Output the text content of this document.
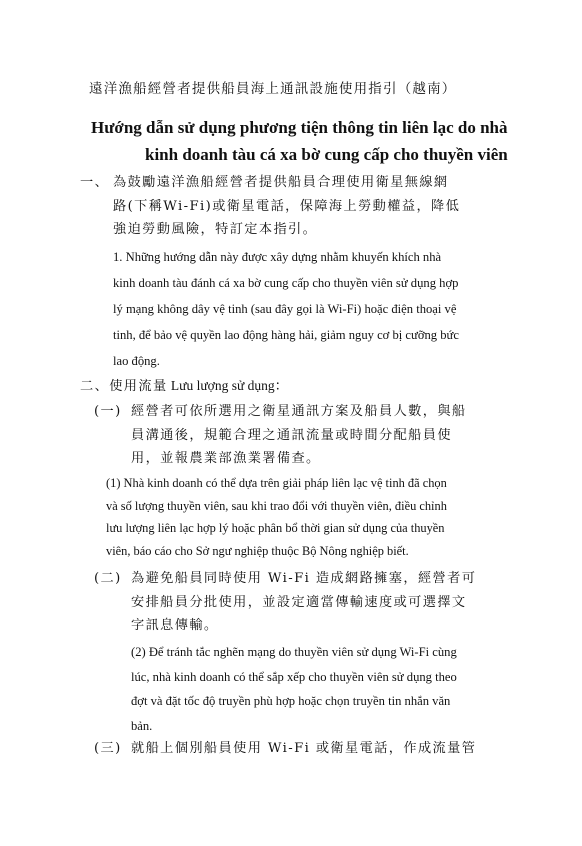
遠洋漁船經營者提供船員海上通訊設施使用指引（越南）
Hướng dẫn sử dụng phương tiện thông tin liên lạc do nhà
kinh doanh tàu cá xa bờ cung cấp cho thuyền viên
一、 為鼓勵遠洋漁船經營者提供船員合理使用衛星無線網
路(下稱Wi-Fi)或衛星電話，保障海上勞動權益，降低
強迫勞動風險，特訂定本指引。
1. Những hướng dẫn này được xây dựng nhằm khuyến khích nhà
kinh doanh tàu đánh cá xa bờ cung cấp cho thuyền viên sử dụng hợp
lý mạng không dây vệ tinh (sau đây gọi là Wi-Fi) hoặc điện thoại vệ
tinh, để bảo vệ quyền lao động hàng hải, giảm nguy cơ bị cưỡng bức
lao động.
二、使用流量 Lưu lượng sử dụng：
(一) 經營者可依所選用之衛星通訊方案及船員人數，與船
員溝通後，規範合理之通訊流量或時間分配船員使
用，並報農業部漁業署備查。
(1) Nhà kinh doanh có thể dựa trên giải pháp liên lạc vệ tinh đã chọn
và số lượng thuyền viên, sau khi trao đổi với thuyền viên, điều chỉnh
lưu lượng liên lạc hợp lý hoặc phân bổ thời gian sử dụng của thuyền
viên, báo cáo cho Sở ngư nghiệp thuộc Bộ Nông nghiệp biết.
(二) 為避免船員同時使用 Wi-Fi 造成網路擁塞，經營者可
安排船員分批使用，並設定適當傳輸速度或可選擇文
字訊息傳輸。
(2) Để tránh tắc nghẽn mạng do thuyền viên sử dụng Wi-Fi cùng
lúc, nhà kinh doanh có thể sắp xếp cho thuyền viên sử dụng theo
đợt và đặt tốc độ truyền phù hợp hoặc chọn truyền tin nhắn văn
bản.
(三) 就船上個別船員使用 Wi-Fi 或衛星電話，作成流量管
